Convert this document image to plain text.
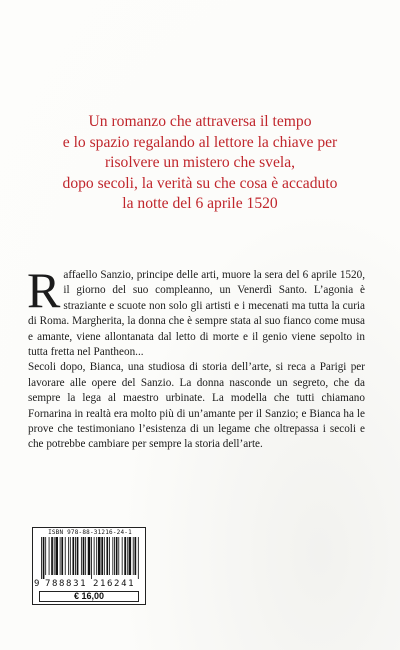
Un romanzo che attraversa il tempo
e lo spazio regalando al lettore la chiave per
risolvere un mistero che svela,
dopo secoli, la verità su che cosa è accaduto
la notte del 6 aprile 1520

Raffaello Sanzio, principe delle arti, muore la sera del 6 aprile 1520, il giorno del suo compleanno, un Venerdì Santo. L’agonia è straziante e scuote non solo gli artisti e i mecenati ma tutta la curia di Roma. Margherita, la donna che è sempre stata al suo fianco come musa e amante, viene allontanata dal letto di morte e il genio viene sepolto in tutta fretta nel Pantheon...

Secoli dopo, Bianca, una studiosa di storia dell’arte, si reca a Parigi per lavorare alle opere del Sanzio. La donna nasconde un segreto, che da sempre la lega al maestro urbinate. La modella che tutti chiamano Fornarina in realtà era molto più di un’amante per il Sanzio; e Bianca ha le prove che testimoniano l’esistenza di un legame che oltrepassa i secoli e che potrebbe cambiare per sempre la storia dell’arte.

ISBN 978-88-31216-24-1
9 788831 216241
€ 16,00
